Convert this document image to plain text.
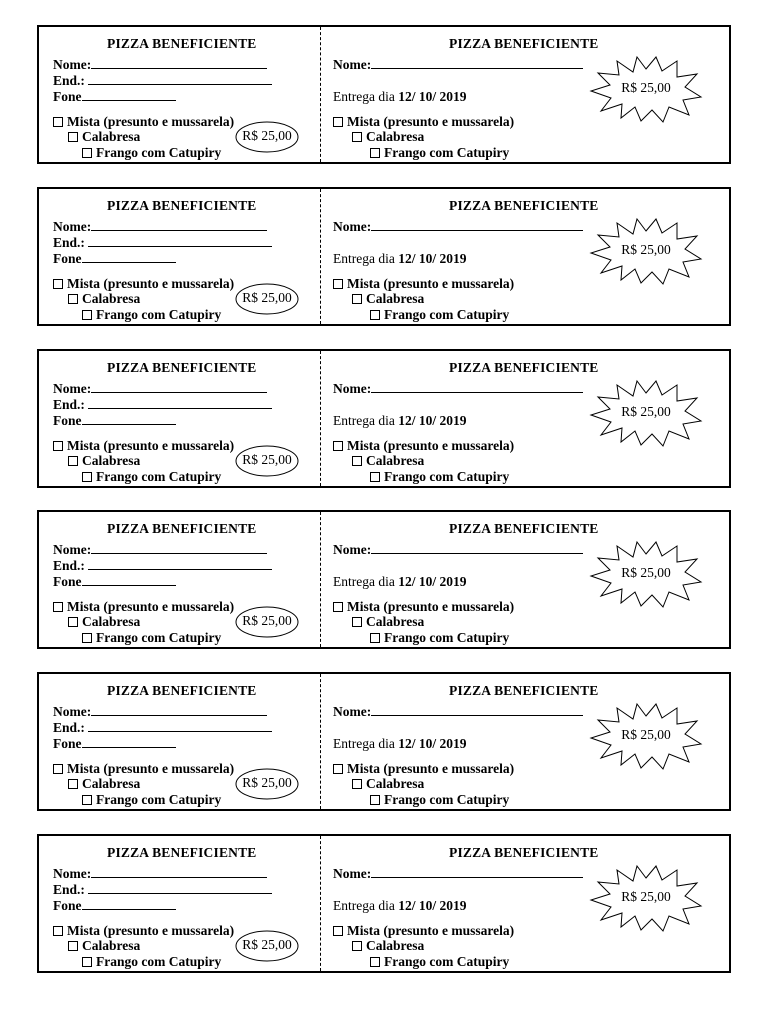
PIZZA BENEFICIENTE
Nome:
End.:
Fone
Mista (presunto e mussarela)
Calabresa
Frango com Catupiry
R$ 25,00
PIZZA BENEFICIENTE
Nome:
Entrega dia 12/ 10/ 2019
Mista (presunto e mussarela)
Calabresa
Frango com Catupiry
R$ 25,00
PIZZA BENEFICIENTE
Nome:
End.:
Fone
Mista (presunto e mussarela)
Calabresa
Frango com Catupiry
R$ 25,00
PIZZA BENEFICIENTE
Nome:
Entrega dia 12/ 10/ 2019
Mista (presunto e mussarela)
Calabresa
Frango com Catupiry
R$ 25,00
PIZZA BENEFICIENTE
Nome:
End.:
Fone
Mista (presunto e mussarela)
Calabresa
Frango com Catupiry
R$ 25,00
PIZZA BENEFICIENTE
Nome:
Entrega dia 12/ 10/ 2019
Mista (presunto e mussarela)
Calabresa
Frango com Catupiry
R$ 25,00
PIZZA BENEFICIENTE
Nome:
End.:
Fone
Mista (presunto e mussarela)
Calabresa
Frango com Catupiry
R$ 25,00
PIZZA BENEFICIENTE
Nome:
Entrega dia 12/ 10/ 2019
Mista (presunto e mussarela)
Calabresa
Frango com Catupiry
R$ 25,00
PIZZA BENEFICIENTE
Nome:
End.:
Fone
Mista (presunto e mussarela)
Calabresa
Frango com Catupiry
R$ 25,00
PIZZA BENEFICIENTE
Nome:
Entrega dia 12/ 10/ 2019
Mista (presunto e mussarela)
Calabresa
Frango com Catupiry
R$ 25,00
PIZZA BENEFICIENTE
Nome:
End.:
Fone
Mista (presunto e mussarela)
Calabresa
Frango com Catupiry
R$ 25,00
PIZZA BENEFICIENTE
Nome:
Entrega dia 12/ 10/ 2019
Mista (presunto e mussarela)
Calabresa
Frango com Catupiry
R$ 25,00
